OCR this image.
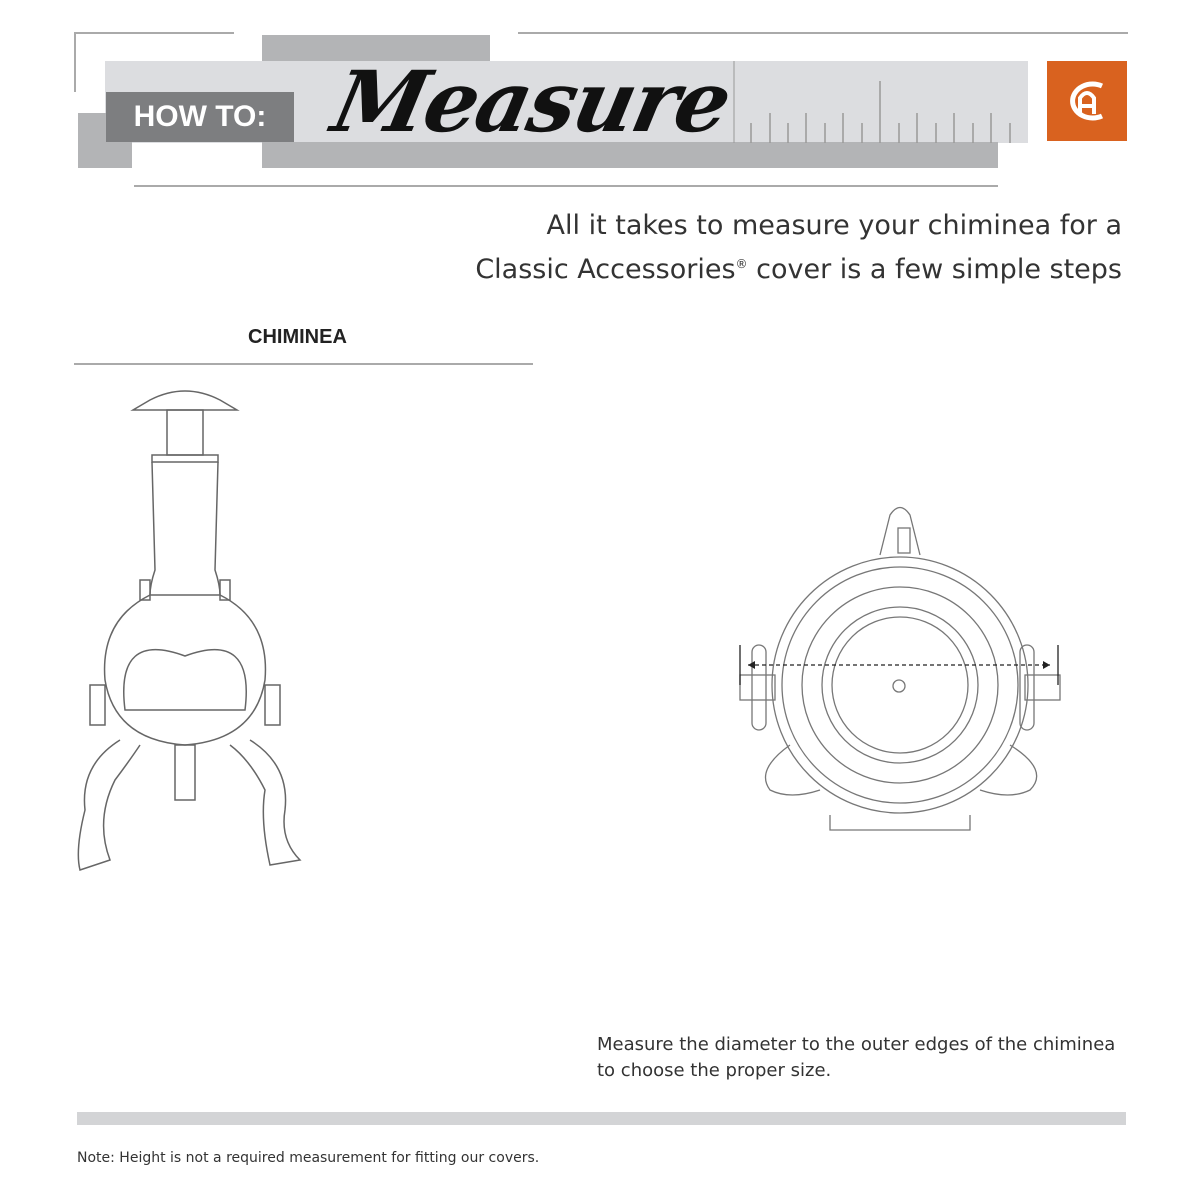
HOW TO: Measure
All it takes to measure your chiminea for a
Classic Accessories® cover is a few simple steps
CHIMINEA
Measure the diameter to the outer edges of the chiminea
to choose the proper size.
Note: Height is not a required measurement for fitting our covers.
